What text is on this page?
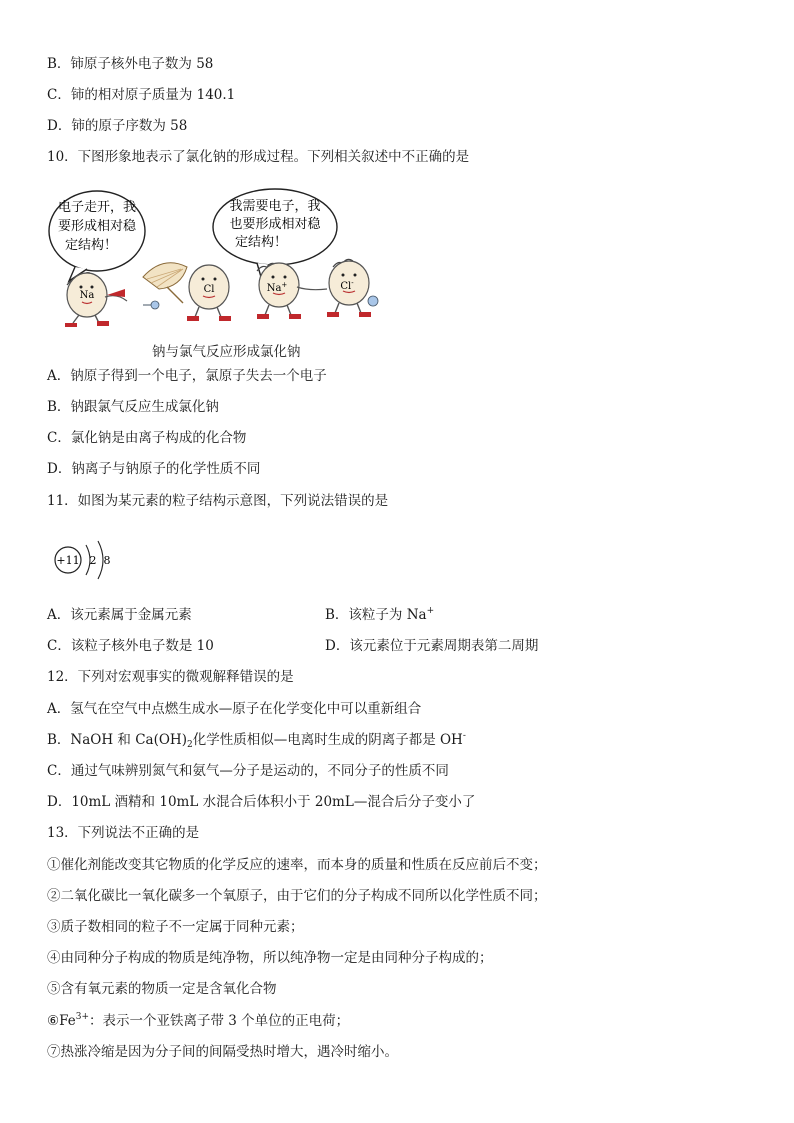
B．铈原子核外电子数为 58
C．铈的相对原子质量为 140.1
D．铈的原子序数为 58
10．下图形象地表示了氯化钠的形成过程。下列相关叙述中不正确的是
电子走开，我
要形成相对稳
定结构！
我需要电子，我
也要形成相对稳
定结构！
Na
Cl	Na+	Cl-
钠与氯气反应形成氯化钠
A．钠原子得到一个电子，氯原子失去一个电子
B．钠跟氯气反应生成氯化钠
C．氯化钠是由离子构成的化合物
D．钠离子与钠原子的化学性质不同
11．如图为某元素的粒子结构示意图，下列说法错误的是
+11 2 8
A．该元素属于金属元素	B．该粒子为 Na+
C．该粒子核外电子数是 10	D．该元素位于元素周期表第二周期
12．下列对宏观事实的微观解释错误的是
A．氢气在空气中点燃生成水—原子在化学变化中可以重新组合
B．NaOH 和 $Ca(OH)_2$化学性质相似—电离时生成的阴离子都是 OH-
C．通过气味辨别氮气和氨气—分子是运动的，不同分子的性质不同
D．10mL 酒精和 10mL 水混合后体积小于 20mL—混合后分子变小了
13．下列说法不正确的是
①催化剂能改变其它物质的化学反应的速率，而本身的质量和性质在反应前后不变；
②二氧化碳比一氧化碳多一个氧原子，由于它们的分子构成不同所以化学性质不同；
③质子数相同的粒子不一定属于同种元素；
④由同种分子构成的物质是纯净物，所以纯净物一定是由同种分子构成的；
⑤含有氧元素的物质一定是含氧化合物
$⑥Fe^{3+}$：表示一个亚铁离子带 3 个单位的正电荷；
⑦热涨冷缩是因为分子间的间隔受热时增大，遇冷时缩小。
